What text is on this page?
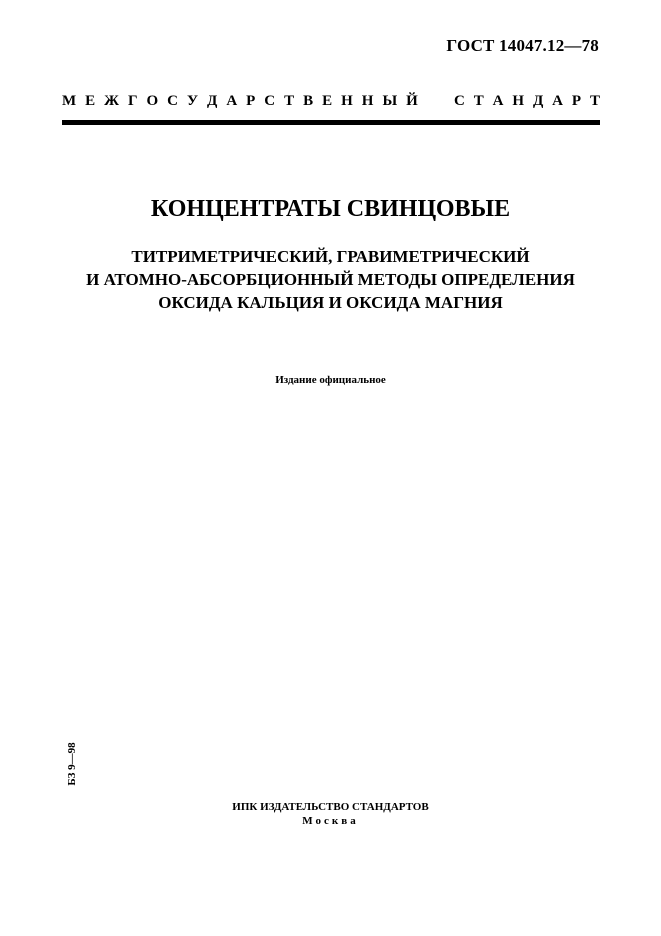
ГОСТ 14047.12—78
М Е Ж Г О С У Д А Р С Т В Е Н Н Ы Й С Т А Н Д А Р Т
КОНЦЕНТРАТЫ СВИНЦОВЫЕ
ТИТРИМЕТРИЧЕСКИЙ, ГРАВИМЕТРИЧЕСКИЙ
И АТОМНО-АБСОРБЦИОННЫЙ МЕТОДЫ ОПРЕДЕЛЕНИЯ
ОКСИДА КАЛЬЦИЯ И ОКСИДА МАГНИЯ
Издание официальное
БЗ 9—98
ИПК ИЗДАТЕЛЬСТВО СТАНДАРТОВ
Москва
